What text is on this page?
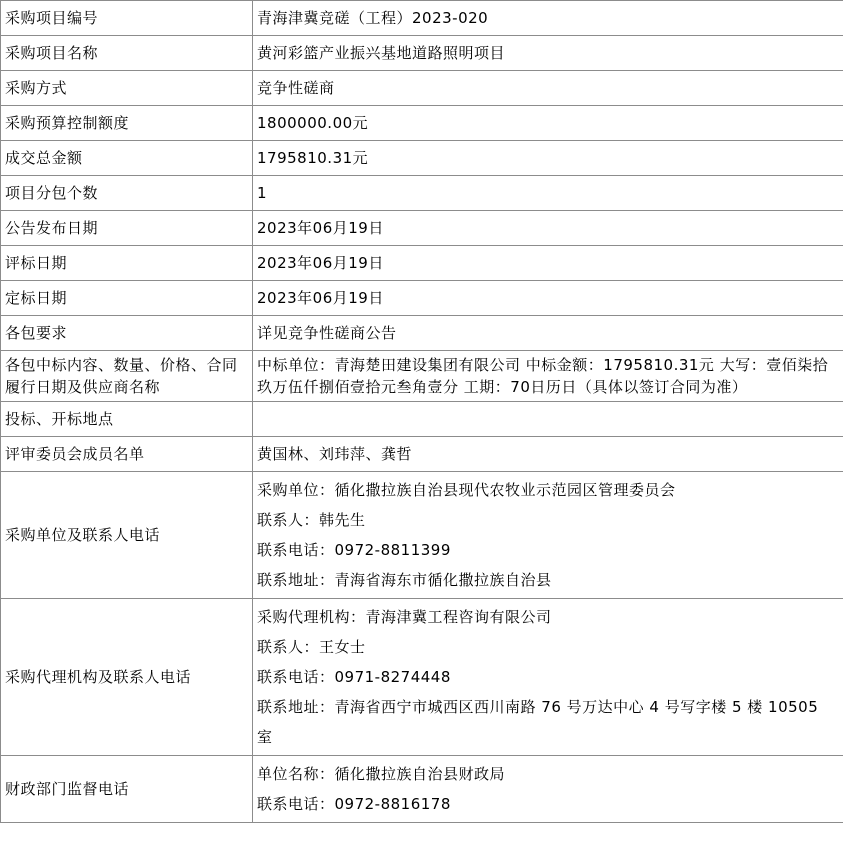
采购项目编号	青海津冀竞磋（工程）2023-020
采购项目名称	黄河彩篮产业振兴基地道路照明项目
采购方式	竞争性磋商
采购预算控制额度	1800000.00元
成交总金额	1795810.31元
项目分包个数	1
公告发布日期	2023年06月19日
评标日期	2023年06月19日
定标日期	2023年06月19日
各包要求	详见竞争性磋商公告
各包中标内容、数量、价格、合同履行日期及供应商名称	中标单位：青海楚田建设集团有限公司 中标金额：1795810.31元 大写：壹佰柒拾玖万伍仟捌佰壹拾元叁角壹分 工期：70日历日（具体以签订合同为准）
投标、开标地点	
评审委员会成员名单	黄国林、刘玮萍、龚哲
采购单位及联系人电话	采购单位：循化撒拉族自治县现代农牧业示范园区管理委员会
联系人：韩先生
联系电话：0972-8811399
联系地址：青海省海东市循化撒拉族自治县

采购代理机构及联系人电话	采购代理机构：青海津冀工程咨询有限公司
联系人：王女士
联系电话：0971-8274448
联系地址：青海省西宁市城西区西川南路 76 号万达中心 4 号写字楼 5 楼 10505 室

财政部门监督电话	单位名称：循化撒拉族自治县财政局
联系电话：0972-8816178
